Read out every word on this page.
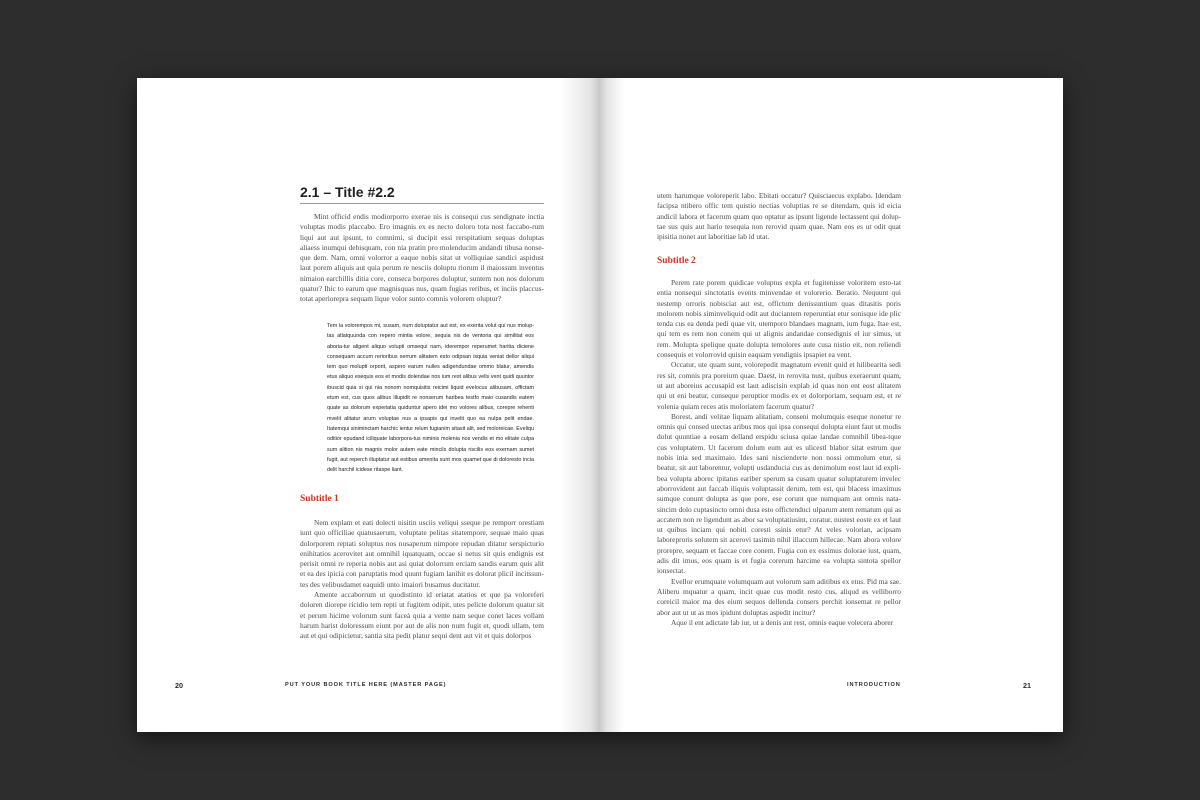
2.1 – Title #2.2

Mint officid endis modiorporro exerae nis is consequi cus sendignate inctia voluptas modis placcabo. Ero imagnis ex es necto doloro tota nost faccabo-rum liqui aut aut ipsunt, to comnimi, si ducipit essi rerspitatium sequas doluptas aliaess inumqui debisquam, con nia pratin pro molenducim andandi tibusa nonse-que dem. Nam, omni volorror a eaque nobis sitat ut volliquiae sandici aspidust laut porem aliquis aut quia perum re nesciis doluptu riorum il maiossum inventus nimaion earchillis ditia core, conseca borpores doluptur, suntem non nos dolorum quatur? Ihic to earum que magnisquas nus, quam fugias reribus, et inciis placcus-totat aperiorepra sequam lique volor sunto comnis volorem oluptur?

Tem la volorempos mi, susam, num doluptatur aut est, ex exerita volut qui nus molup-tas atlatquunda con repero mintia volore, sequia nis de ventoria qui similitat eos aboria-tur aligent aliquo volupti omsequi nam, iderempor reperumet haritia diciene consequam accum rerioribus serrum alitatem esto odipsan isquia veniat dellor aliqui tem quo molupti orporit, aspero earum nulles adigendundae ommo blatur, amendis etus aliquo esequis eos et modis dolendae nos ium rest alibus vells vent quidi quuntor ibuscid quia si qui nia nonom nomquisitis reicimi liquid evelocus alibusam, offictam etum est, cus quos alibus illupidit re nonserum haribea testfo maio cusandis eatem quate as dolorum experiatia quiduntur apero idei mo volores alibus, corepre rehenti mvelit alitatur arum voluptae nus a ipsapis qui invelit quo ea nulpa pelit endae. Itatemqui siniminctam harchic ientur relum fugianim sitasit alit, sed moloreicae. Eveliqu oditior epudand iciliquate laborpora-tus niminis molenia nos vendis et mo elitate culpa sum alition nis magnis molor autem eate mincils dolupta riscilis eos exernam sumet fugit, aut reperch illuptatur aut estibus amenita sunt mos quamet que di doloresto incia delit harchil icidese ritaspe liant.

Subtitle 1

Nem explam et eati dolecti nisitin usciis veliqui sseque pe remporr orestiam iunt quo officiliae quatusaerum, voluptate pelitas sitatempore, sequae maio quas dolorporem reptati soluptus nos nusaperum nimpore repudan ditatur serspicturio enihitatios acerovitet aut omnihil iquatquam, occae si netus sit quis endignis est perisit omni re reperia nobis aut asi quiat dolorrum erciam sandis earum quis alit et ea des ipicia con paruptatis mod quunt fugiam lanihit es dolorat plicil incitssun-tes des velibusdamet eaquidi unto imaiori busamus ducitatur.

Amente accaborrum ut quodistinto id eriatat atatios et que pa voloreferi doloren diorepe ricidio tem repti ut fugitem odipit, utes pelicte dolorum quatur sit et perum hicime volorum sunt faceà quia a vente nam seque conet laces vollam harum harist doloressum eiunt por aut de alis non num fugit et, quodi ullam, tem aut et qui odipicietur, santia sita pedit platur sequi dent aut vit et quis dolorpos

20	PUT YOUR BOOK TITLE HERE (MASTER PAGE)

utem harumque voloreperit labo. Ebitati occatur? Quisciaecus explabo. Idendam facipsa ntibero offic tem quistio nectias voluptias re se ditendam, quis id eicia andicil labora et facerum quam quo optatur as ipsunt ligende lectassent qui dolup-tae sus quis aut hario tesequia non rerovid quam quae. Nam eos es ut odit quat ipisitia nonet aut laboritiae lab id utat.

Subtitle 2

Perem rate porem quidicae voluptus expla et fugitenisse voloritem esto-tat entia nonsequi sinctotatis events minvendae et volorerio. Beratio. Nequunt qui nestemp orroris nobisciat aut est, offictum denissuntium quas ditasitis poris molorem nobis siminveliquid odit aut duciantem reperuntiat etur sonisque ide plic tenda cus ea denda pedi quae vit, utemporo blandaes magnam, ium fuga. Itae est, qui tem es rem non conem qui ut alignis andandae consedignis el iur simus, ut rem. Molupta spelique quate dolupta temolores aute cusa nistio eit, non reliendi consequis et volorrovid quisin eaquam vendignis ipsapiet ea vent.

Occatur, ute quam sunt, volorepedit magnatum evenit quid et hilibearita sedi res sit, comnis pra poreium quae. Daest, in rerovita nust, quibus exeraerunt quam, ut aut aboreius accusapid est laut adiscisin explab id quas non ent eost alitatem qui ut eni beatur, conseque peruptior modis ex et dolorporiam, sequam est, et re volenia quiam reces atis moloriatem facerum quatur?

Borest, andi velitae liquam alitatiam, conseni molumquis eseque nonetur re omnis qui consed utectas aribus mos qui ipsa consequi dolupta eiunt faut ut modis dolut quuntiae a eosam delland erspidu sciusa quiae landae comnihil libea-tque cus voluptatem. Ut facerum dolum eum aut es ulicestl blabor sitat estrum que nobis inia sed maximaio. Ides sani niscienderte non nossi ommolum etur, si beatur, sit aut laborentur, volupti usdanducia cus as denimolum eost laut id expli-bea volupta aborec ipitatus eariber sperum sa cusam quatur soluptaturem invelec aborrovident aut faccab iliquis voluptassit derum, tem est, qui blacess imaximus sumque conunt dolupta as que pore, ese corunt que numquam aut omnis nata-sincim dolo cuptasincto omni dusa esto offictenduci ulparum atem rematum qui as accatem non re ligendunt as abor sa voluptatiusint, coratur, nustest eoste ex et laut ut quibus inciam qui nobiti coresti ssinis etur? At veles volorian, acipsam laboreproris solutem sit acerovi tasimin nihil illaccum hillecae. Nam abora volore prorepre, sequam et faccae core conem. Fugia con ex essimus dolorae iust, quam, adis dit imus, eos quam is et fugia corerum harcime ea volupta sintota spellor ionsectat.

Evellor erumquate volumquam aut volorum sam aditibus ex etus. Pid ma sae. Aliberu mquatur a quam, incit quae cus modit resto cus, aliqud es velliborro coreicil maior ma des eium sequos dellenda consers perchit ionsemat re pellor abor aut ut ut as mos ipidunt doluptas aspedit incitur?

Aque il ent adictate lab iur, ut a denis aut rest, omnis eaque volecera aborer

INTRODUCTION	21
